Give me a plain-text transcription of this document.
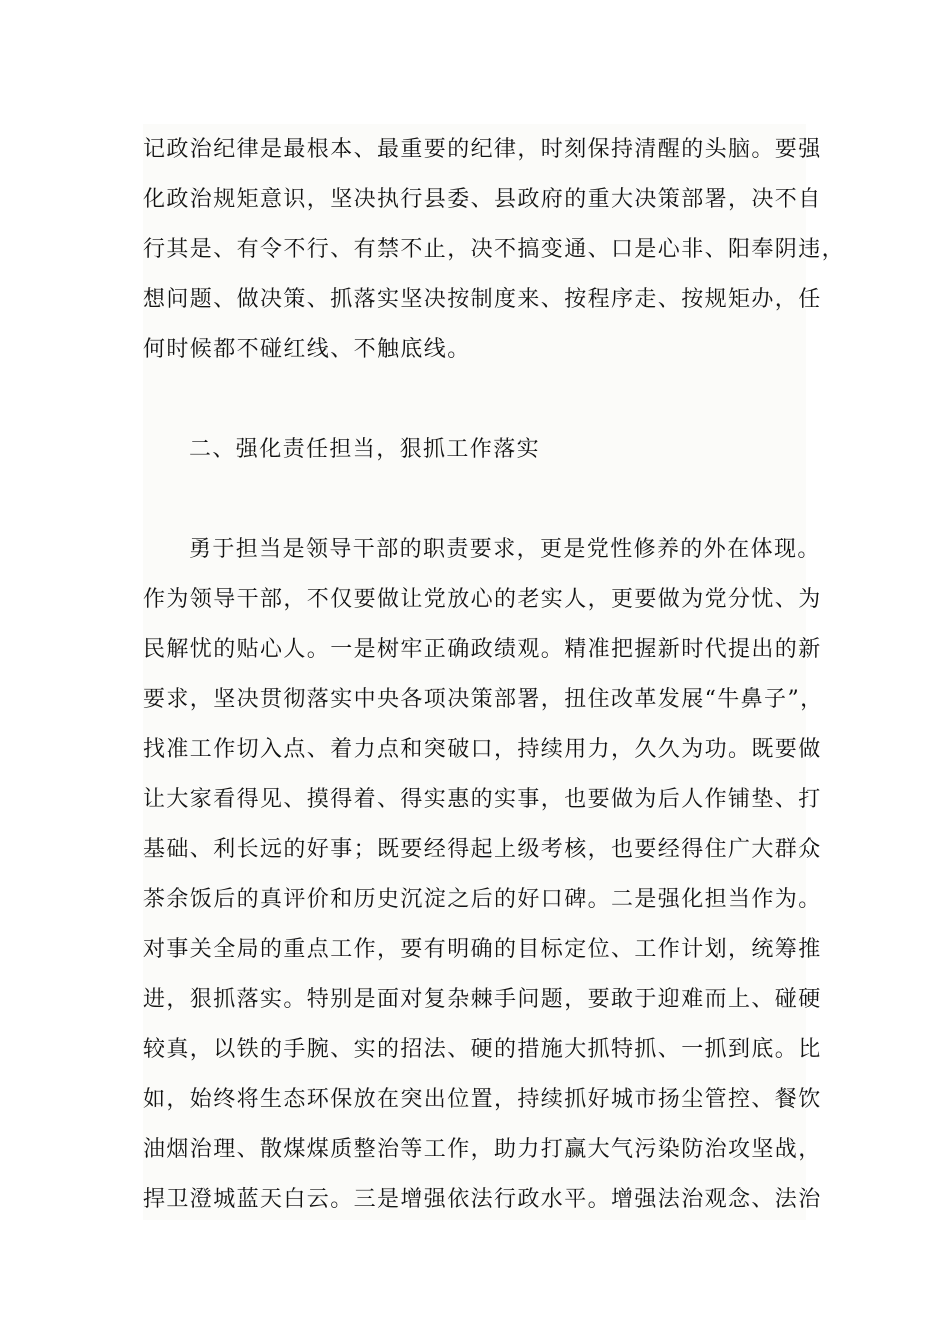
记政治纪律是最根本、最重要的纪律，时刻保持清醒的头脑。要强
化政治规矩意识，坚决执行县委、县政府的重大决策部署，决不自
行其是、有令不行、有禁不止，决不搞变通、口是心非、阳奉阴违，
想问题、做决策、抓落实坚决按制度来、按程序走、按规矩办，任
何时候都不碰红线、不触底线。
二、强化责任担当，狠抓工作落实
勇于担当是领导干部的职责要求，更是党性修养的外在体现。
作为领导干部，不仅要做让党放心的老实人，更要做为党分忧、为
民解忧的贴心人。一是树牢正确政绩观。精准把握新时代提出的新
要求，坚决贯彻落实中央各项决策部署，扭住改革发展“牛鼻子”，
找准工作切入点、着力点和突破口，持续用力，久久为功。既要做
让大家看得见、摸得着、得实惠的实事，也要做为后人作铺垫、打
基础、利长远的好事；既要经得起上级考核，也要经得住广大群众
茶余饭后的真评价和历史沉淀之后的好口碑。二是强化担当作为。
对事关全局的重点工作，要有明确的目标定位、工作计划，统筹推
进，狠抓落实。特别是面对复杂棘手问题，要敢于迎难而上、碰硬
较真，以铁的手腕、实的招法、硬的措施大抓特抓、一抓到底。比
如，始终将生态环保放在突出位置，持续抓好城市扬尘管控、餐饮
油烟治理、散煤煤质整治等工作，助力打赢大气污染防治攻坚战，
捍卫澄城蓝天白云。三是增强依法行政水平。增强法治观念、法治
